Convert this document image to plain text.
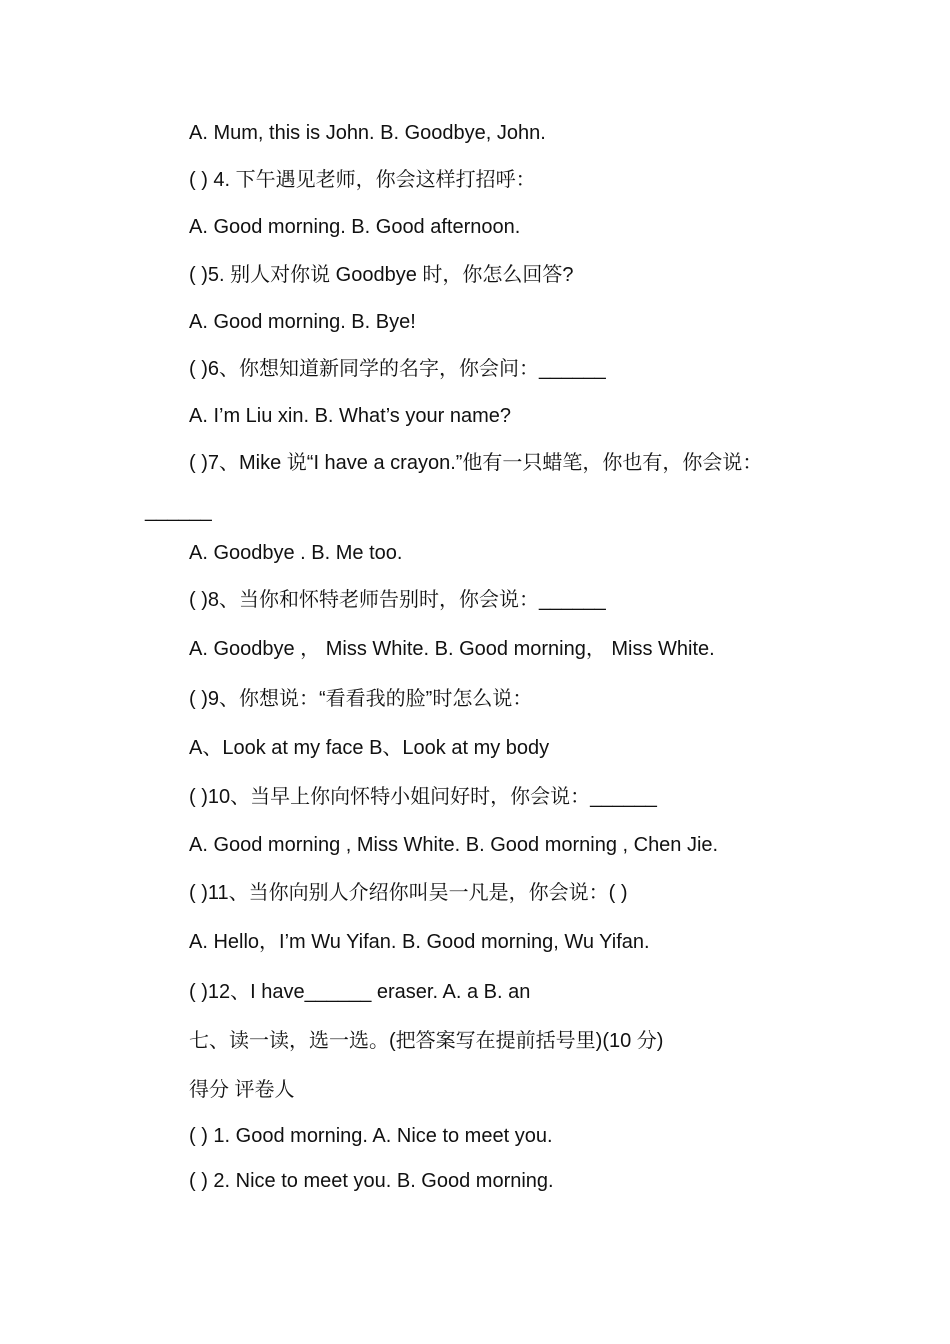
A. Mum, this is John. B. Goodbye, John.
( ) 4. 下午遇见老师，你会这样打招呼：
A. Good morning. B. Good afternoon.
( )5. 别人对你说 Goodbye 时，你怎么回答?
A. Good morning. B. Bye!
( )6、你想知道新同学的名字，你会问：______
A. I’m Liu xin. B. What’s your name?
( )7、Mike 说“I have a crayon.”他有一只蜡笔，你也有，你会说：
______
A. Goodbye . B. Me too.
( )8、当你和怀特老师告别时，你会说：______
A. Goodbye ， Miss White. B. Good morning， Miss White.
( )9、你想说：“看看我的脸”时怎么说：
A、Look at my face B、Look at my body
( )10、当早上你向怀特小姐问好时，你会说：______
A. Good morning , Miss White. B. Good morning , Chen Jie.
( )11、当你向别人介绍你叫吴一凡是，你会说：( )
A. Hello，I’m Wu Yifan. B. Good morning, Wu Yifan.
( )12、I have______ eraser. A. a B. an
七、读一读，选一选。(把答案写在提前括号里)(10 分)
得分 评卷人
( ) 1. Good morning. A. Nice to meet you.
( ) 2. Nice to meet you. B. Good morning.
